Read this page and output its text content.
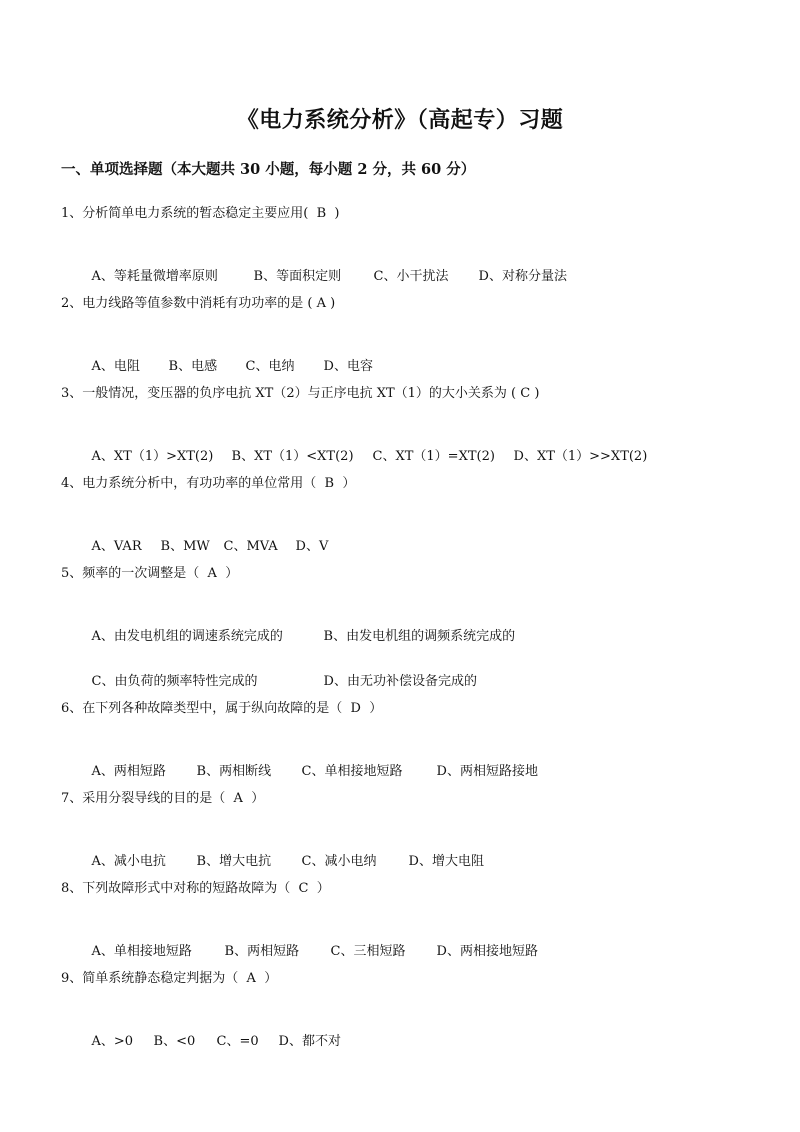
《电力系统分析》（高起专）习题
一、单项选择题（本大题共 30 小题，每小题 2 分，共 60 分）
1、分析简单电力系统的暂态稳定主要应用(  B  )

A、等耗量微增率原则	B、等面积定则 C、小干扰法 D、对称分量法

2、电力线路等值参数中消耗有功功率的是 ( A )

A、电阻 B、电感 C、电纳 D、电容

3、一般情况，变压器的负序电抗 XT（2）与正序电抗 XT（1）的大小关系为 ( C )

A、XT（1）>XT(2) B、XT（1）<XT(2) C、XT（1）=XT(2) D、XT（1）>>XT(2)

4、电力系统分析中，有功功率的单位常用（  B  ）

A、VAR B、MW C、MVA D、V

5、频率的一次调整是（  A  ）

A、由发电机组的调速系统完成的	B、由发电机组的调频系统完成的

C、由负荷的频率特性完成的	D、由无功补偿设备完成的

6、在下列各种故障类型中，属于纵向故障的是（  D  ）

A、两相短路 B、两相断线 C、单相接地短路	D、两相短路接地

7、采用分裂导线的目的是（  A  ）

A、减小电抗 B、增大电抗 C、减小电纳 D、增大电阻

8、下列故障形式中对称的短路故障为（  C  ）

A、单相接地短路	B、两相短路 C、三相短路 D、两相接地短路

9、简单系统静态稳定判据为（  A  ）

A、>0 B、<0 C、=0 D、都不对
